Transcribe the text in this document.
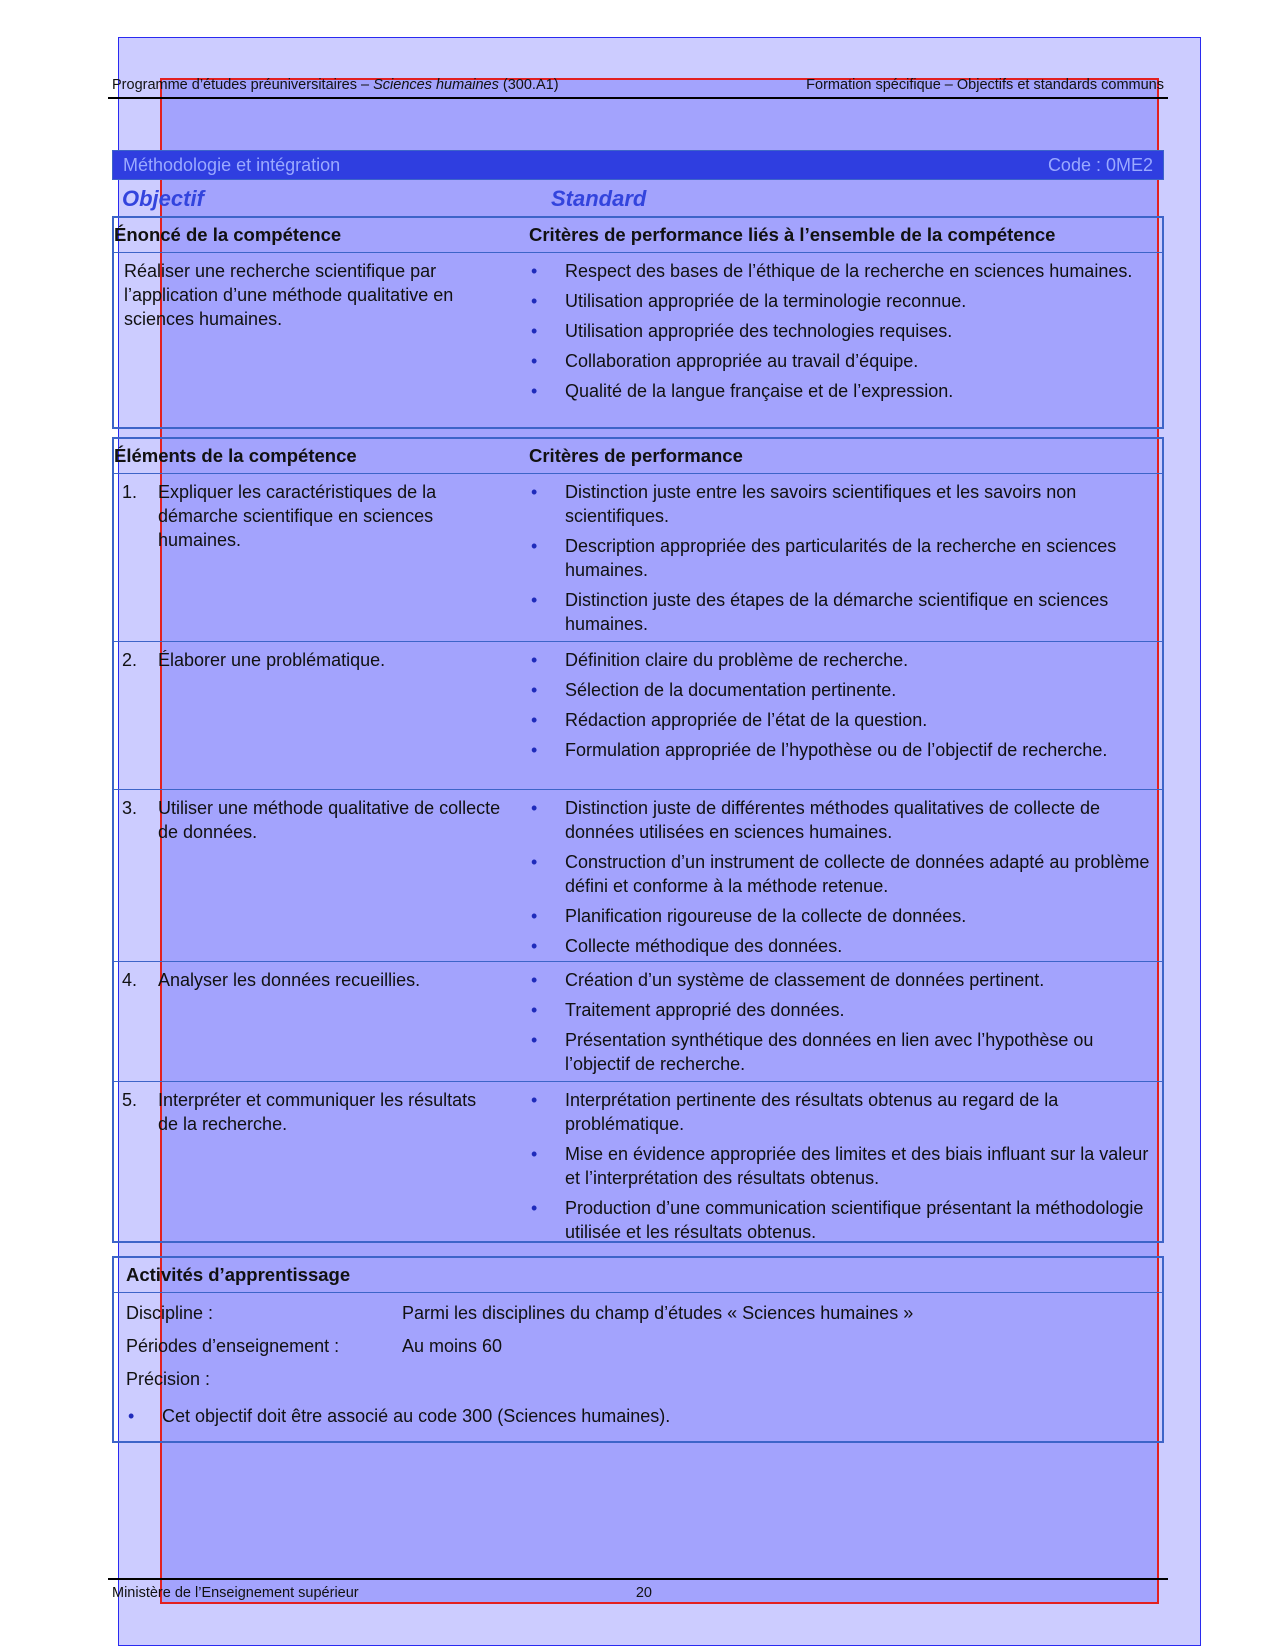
Programme d’études préuniversitaires – Sciences humaines (300.A1)	Formation spécifique – Objectifs et standards communs
Méthodologie et intégration	Code : 0ME2
Objectif	Standard
Énoncé de la compétence	Critères de performance liés à l’ensemble de la compétence
Réaliser une recherche scientifique par l’application d’une méthode qualitative en sciences humaines.
• Respect des bases de l’éthique de la recherche en sciences humaines.
• Utilisation appropriée de la terminologie reconnue.
• Utilisation appropriée des technologies requises.
• Collaboration appropriée au travail d’équipe.
• Qualité de la langue française et de l’expression.
Éléments de la compétence	Critères de performance
1.	Expliquer les caractéristiques de la démarche scientifique en sciences humaines.
• Distinction juste entre les savoirs scientifiques et les savoirs non scientifiques.
• Description appropriée des particularités de la recherche en sciences humaines.
• Distinction juste des étapes de la démarche scientifique en sciences humaines.
2.	Élaborer une problématique.	• Définition claire du problème de recherche.
• Sélection de la documentation pertinente.
• Rédaction appropriée de l’état de la question.
• Formulation appropriée de l’hypothèse ou de l’objectif de recherche.
3.	Utiliser une méthode qualitative de collecte de données.
• Distinction juste de différentes méthodes qualitatives de collecte de données utilisées en sciences humaines.
• Construction d’un instrument de collecte de données adapté au problème défini et conforme à la méthode retenue.
• Planification rigoureuse de la collecte de données.
• Collecte méthodique des données.
4.	Analyser les données recueillies.	• Création d’un système de classement de données pertinent.
• Traitement approprié des données.
• Présentation synthétique des données en lien avec l’hypothèse ou l’objectif de recherche.
5.	Interpréter et communiquer les résultats de la recherche.
• Interprétation pertinente des résultats obtenus au regard de la problématique.
• Mise en évidence appropriée des limites et des biais influant sur la valeur et l’interprétation des résultats obtenus.
• Production d’une communication scientifique présentant la méthodologie utilisée et les résultats obtenus.
Activités d’apprentissage
Discipline :	Parmi les disciplines du champ d’études « Sciences humaines »
Périodes d’enseignement :	Au moins 60
Précision :
• Cet objectif doit être associé au code 300 (Sciences humaines).
Ministère de l’Enseignement supérieur	20
